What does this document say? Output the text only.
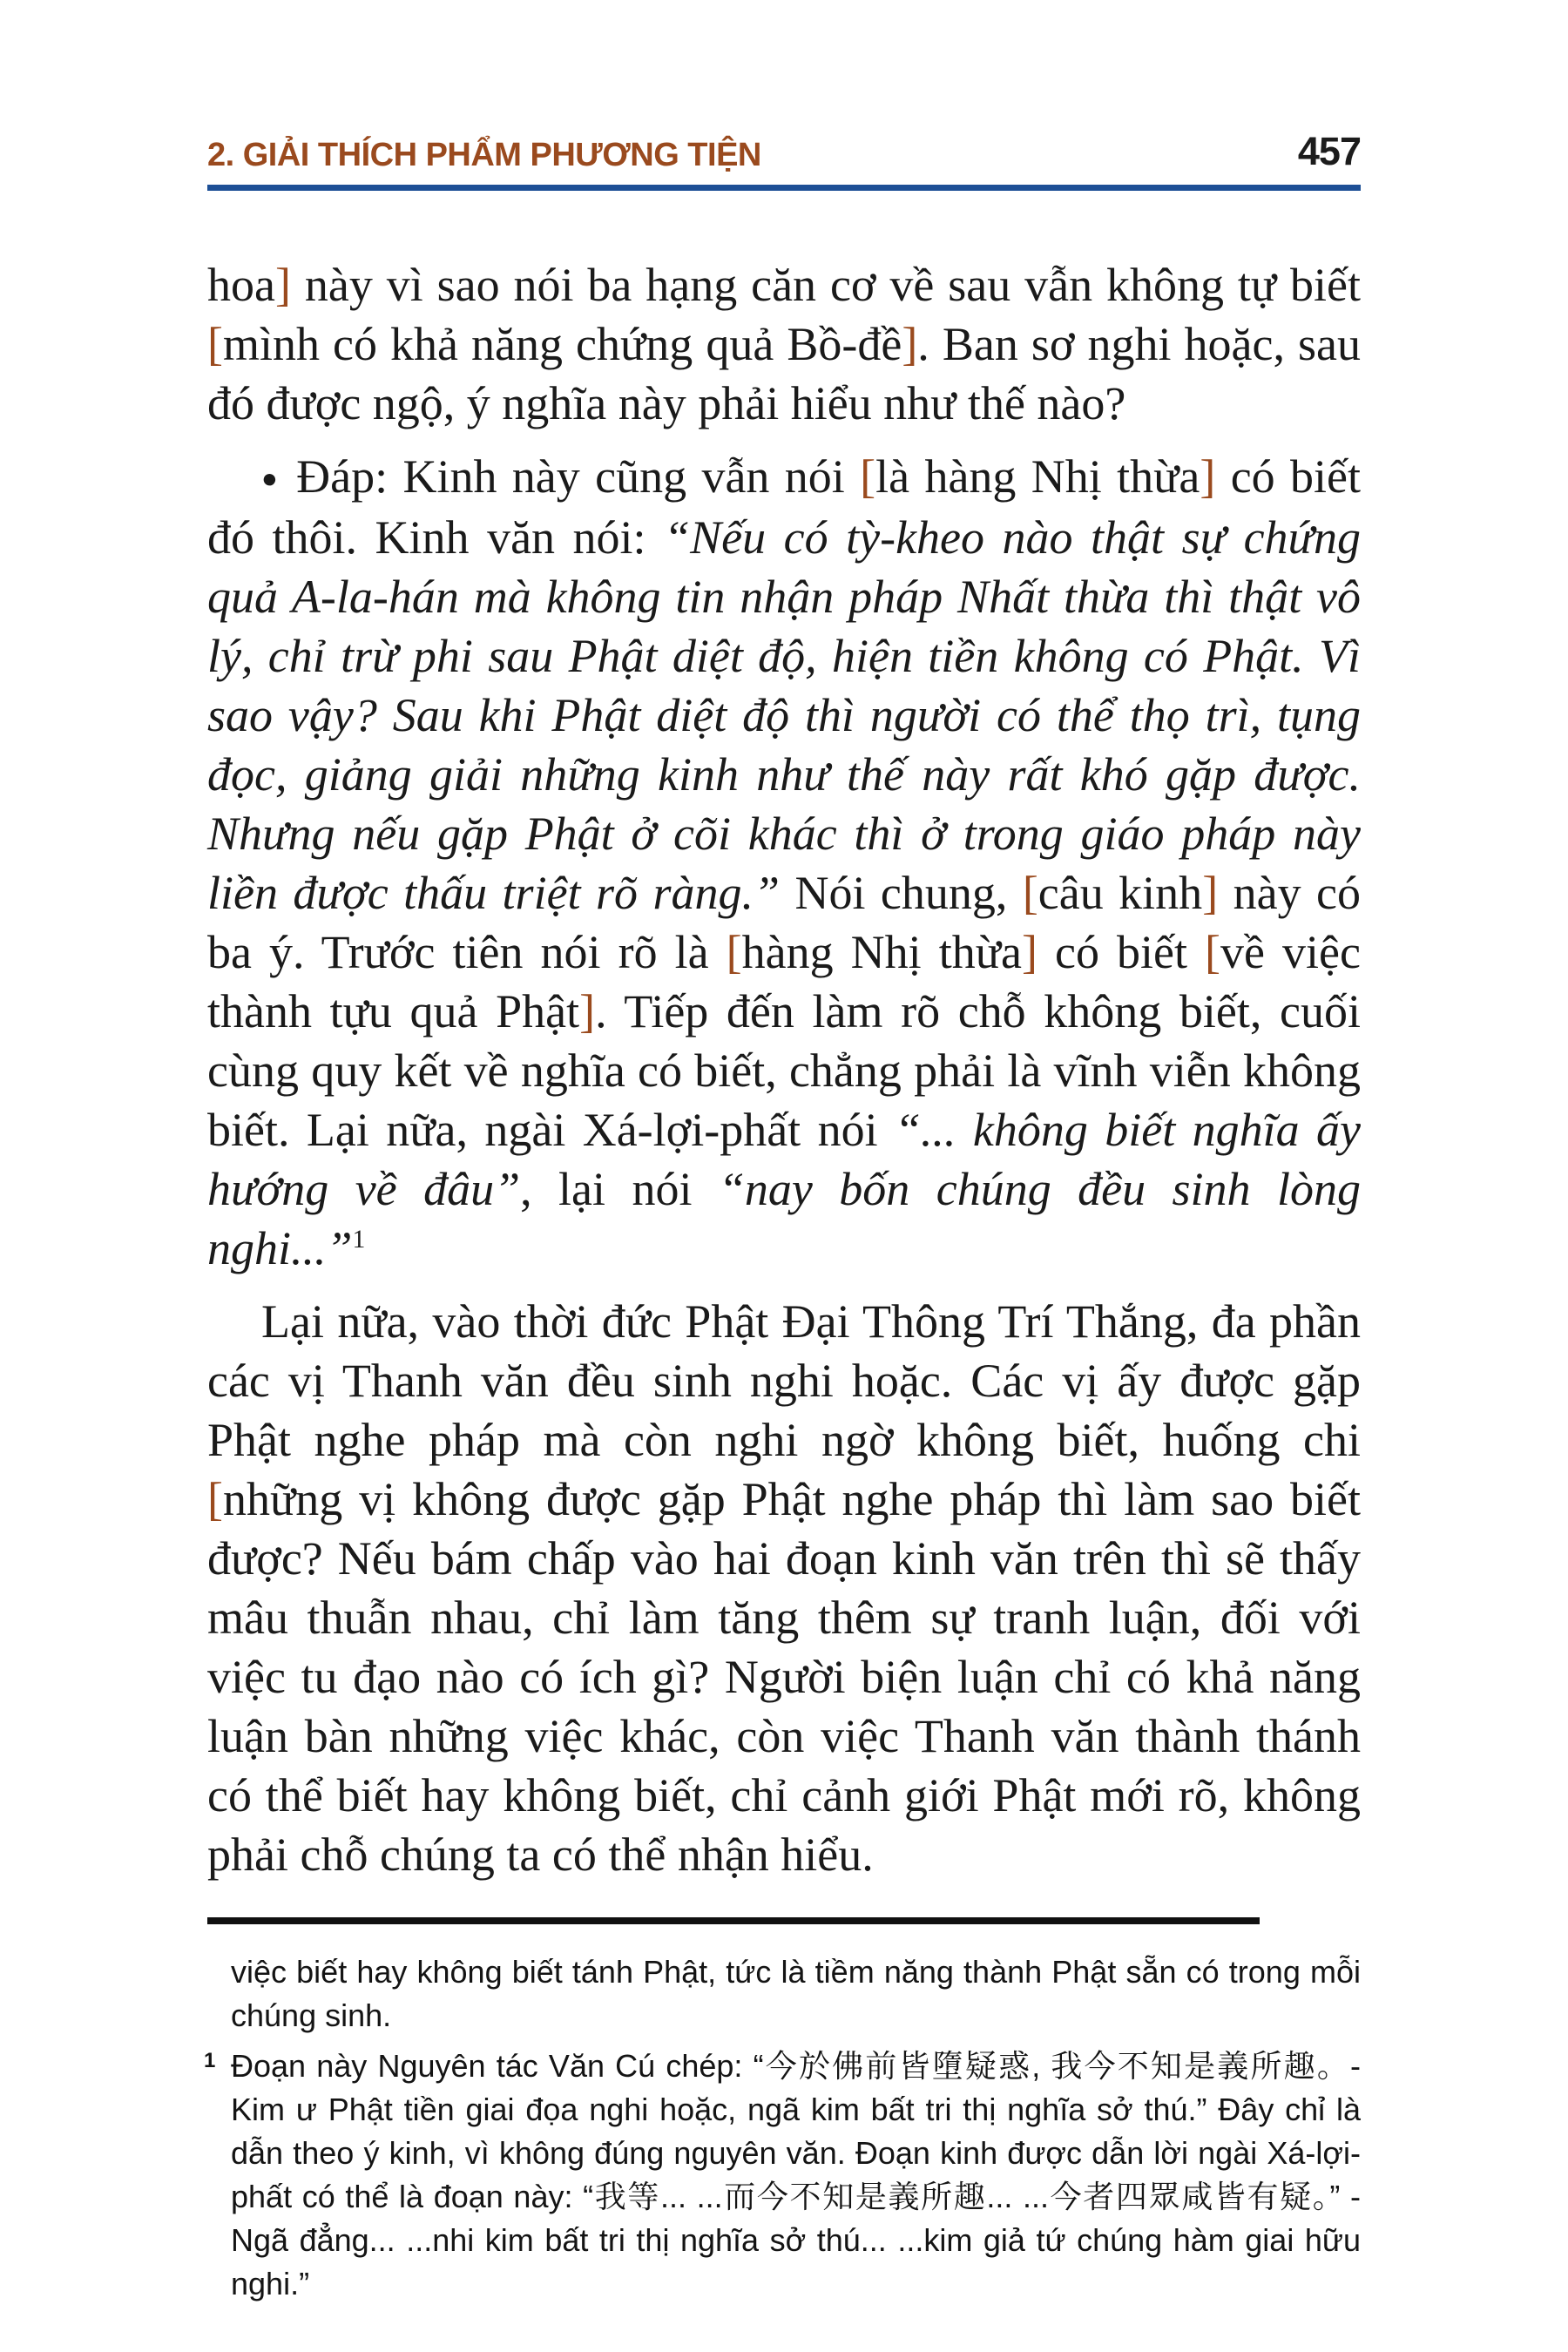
2. GIẢI THÍCH PHẨM PHƯƠNG TIỆN	457

hoa] này vì sao nói ba hạng căn cơ về sau vẫn không tự biết [mình có khả năng chứng quả Bồ-đề]. Ban sơ nghi hoặc, sau đó được ngộ, ý nghĩa này phải hiểu như thế nào?

● Đáp: Kinh này cũng vẫn nói [là hàng Nhị thừa] có biết đó thôi. Kinh văn nói: “Nếu có tỳ-kheo nào thật sự chứng quả A-la-hán mà không tin nhận pháp Nhất thừa thì thật vô lý, chỉ trừ phi sau Phật diệt độ, hiện tiền không có Phật. Vì sao vậy? Sau khi Phật diệt độ thì người có thể thọ trì, tụng đọc, giảng giải những kinh như thế này rất khó gặp được. Nhưng nếu gặp Phật ở cõi khác thì ở trong giáo pháp này liền được thấu triệt rõ ràng.” Nói chung, [câu kinh] này có ba ý. Trước tiên nói rõ là [hàng Nhị thừa] có biết [về việc thành tựu quả Phật]. Tiếp đến làm rõ chỗ không biết, cuối cùng quy kết về nghĩa có biết, chẳng phải là vĩnh viễn không biết. Lại nữa, ngài Xá-lợi-phất nói “... không biết nghĩa ấy hướng về đâu”, lại nói “nay bốn chúng đều sinh lòng nghi...”$^1$

Lại nữa, vào thời đức Phật Đại Thông Trí Thắng, đa phần các vị Thanh văn đều sinh nghi hoặc. Các vị ấy được gặp Phật nghe pháp mà còn nghi ngờ không biết, huống chi [những vị không được gặp Phật nghe pháp thì làm sao biết được? Nếu bám chấp vào hai đoạn kinh văn trên thì sẽ thấy mâu thuẫn nhau, chỉ làm tăng thêm sự tranh luận, đối với việc tu đạo nào có ích gì? Người biện luận chỉ có khả năng luận bàn những việc khác, còn việc Thanh văn thành thánh có thể biết hay không biết, chỉ cảnh giới Phật mới rõ, không phải chỗ chúng ta có thể nhận hiểu.

việc biết hay không biết tánh Phật, tức là tiềm năng thành Phật sẵn có trong mỗi chúng sinh.

1 Đoạn này Nguyên tác Văn Cú chép: “今於佛前皆墮疑惑, 我今不知是義所趣。- Kim ư Phật tiền giai đọa nghi hoặc, ngã kim bất tri thị nghĩa sở thú.” Đây chỉ là dẫn theo ý kinh, vì không đúng nguyên văn. Đoạn kinh được dẫn lời ngài Xá-lợi-phất có thể là đoạn này: “我等... ...而今不知是義所趣... ...今者四眾咸皆有疑。” - Ngã đẳng... ...nhi kim bất tri thị nghĩa sở thú... ...kim giả tứ chúng hàm giai hữu nghi.”
